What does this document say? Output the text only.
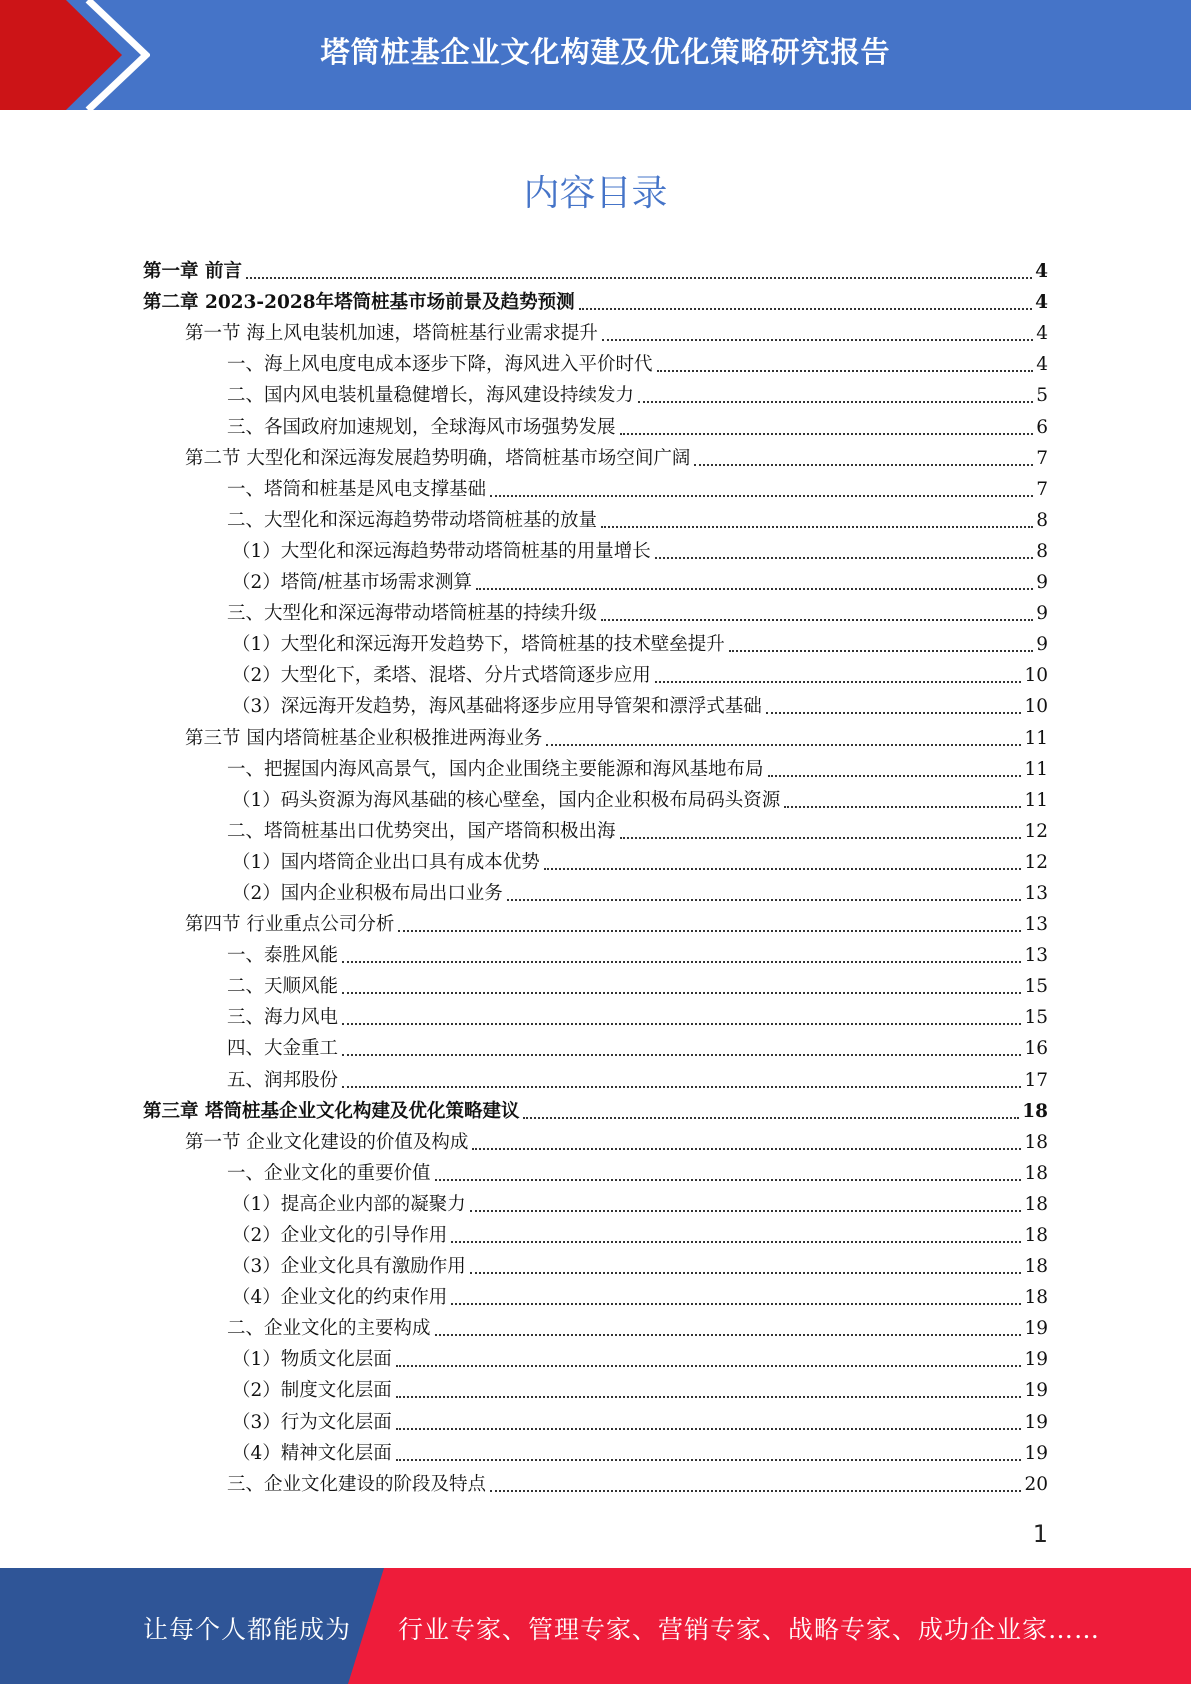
塔筒桩基企业文化构建及优化策略研究报告
内容目录
第一章 前言	4
第二章 2023-2028年塔筒桩基市场前景及趋势预测	4
第一节 海上风电装机加速，塔筒桩基行业需求提升	4
一、海上风电度电成本逐步下降，海风进入平价时代	4
二、国内风电装机量稳健增长，海风建设持续发力	5
三、各国政府加速规划，全球海风市场强势发展	6
第二节 大型化和深远海发展趋势明确，塔筒桩基市场空间广阔	7
一、塔筒和桩基是风电支撑基础	7
二、大型化和深远海趋势带动塔筒桩基的放量	8
（1）大型化和深远海趋势带动塔筒桩基的用量增长	8
（2）塔筒/桩基市场需求测算	9
三、大型化和深远海带动塔筒桩基的持续升级	9
（1）大型化和深远海开发趋势下，塔筒桩基的技术壁垒提升	9
（2）大型化下，柔塔、混塔、分片式塔筒逐步应用	10
（3）深远海开发趋势，海风基础将逐步应用导管架和漂浮式基础	10
第三节 国内塔筒桩基企业积极推进两海业务	11
一、把握国内海风高景气，国内企业围绕主要能源和海风基地布局	11
（1）码头资源为海风基础的核心壁垒，国内企业积极布局码头资源	11
二、塔筒桩基出口优势突出，国产塔筒积极出海	12
（1）国内塔筒企业出口具有成本优势	12
（2）国内企业积极布局出口业务	13
第四节 行业重点公司分析	13
一、泰胜风能	13
二、天顺风能	15
三、海力风电	15
四、大金重工	16
五、润邦股份	17
第三章 塔筒桩基企业文化构建及优化策略建议	18
第一节 企业文化建设的价值及构成	18
一、企业文化的重要价值	18
（1）提高企业内部的凝聚力	18
（2）企业文化的引导作用	18
（3）企业文化具有激励作用	18
（4）企业文化的约束作用	18
二、企业文化的主要构成	19
（1）物质文化层面	19
（2）制度文化层面	19
（3）行为文化层面	19
（4）精神文化层面	19
三、企业文化建设的阶段及特点	20
1
让每个人都能成为 行业专家、管理专家、营销专家、战略专家、成功企业家……
